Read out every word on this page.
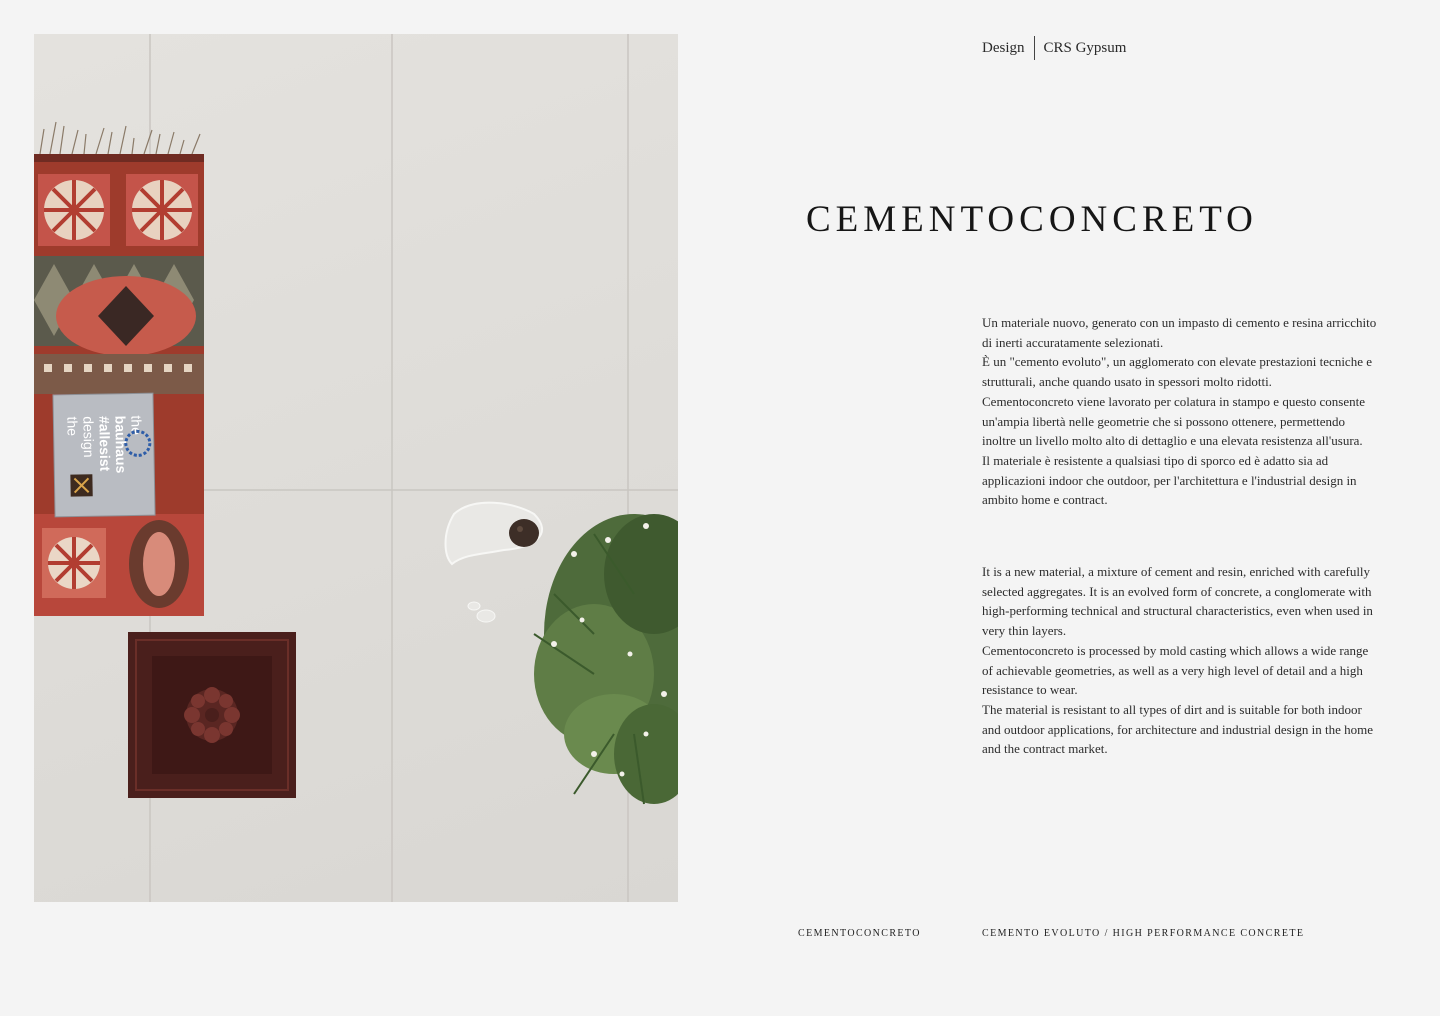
the
bauhaus
#allesist
design
the
Design CRS Gypsum
CEMENTOCONCRETO

Un materiale nuovo, generato con un impasto di cemento e resina arricchito di inerti accuratamente selezionati.

È un "cemento evoluto", un agglomerato con elevate prestazioni tecniche e strutturali, anche quando usato in spessori molto ridotti.

Cementoconcreto viene lavorato per colatura in stampo e questo consente un'ampia libertà nelle geometrie che si possono ottenere, permettendo inoltre un livello molto alto di dettaglio e una elevata resistenza all'usura.

Il materiale è resistente a qualsiasi tipo di sporco ed è adatto sia ad applicazioni indoor che outdoor, per l'architettura e l'industrial design in ambito home e contract.

It is a new material, a mixture of cement and resin, enriched with carefully selected aggregates. It is an evolved form of concrete, a conglomerate with high-performing technical and structural characteristics, even when used in very thin layers.

Cementoconcreto is processed by mold casting which allows a wide range of achievable geometries, as well as a very high level of detail and a high resistance to wear.

The material is resistant to all types of dirt and is suitable for both indoor and outdoor applications, for architecture and industrial design in the home and the contract market.

CEMENTOCONCRETO	CEMENTO EVOLUTO / HIGH PERFORMANCE CONCRETE
